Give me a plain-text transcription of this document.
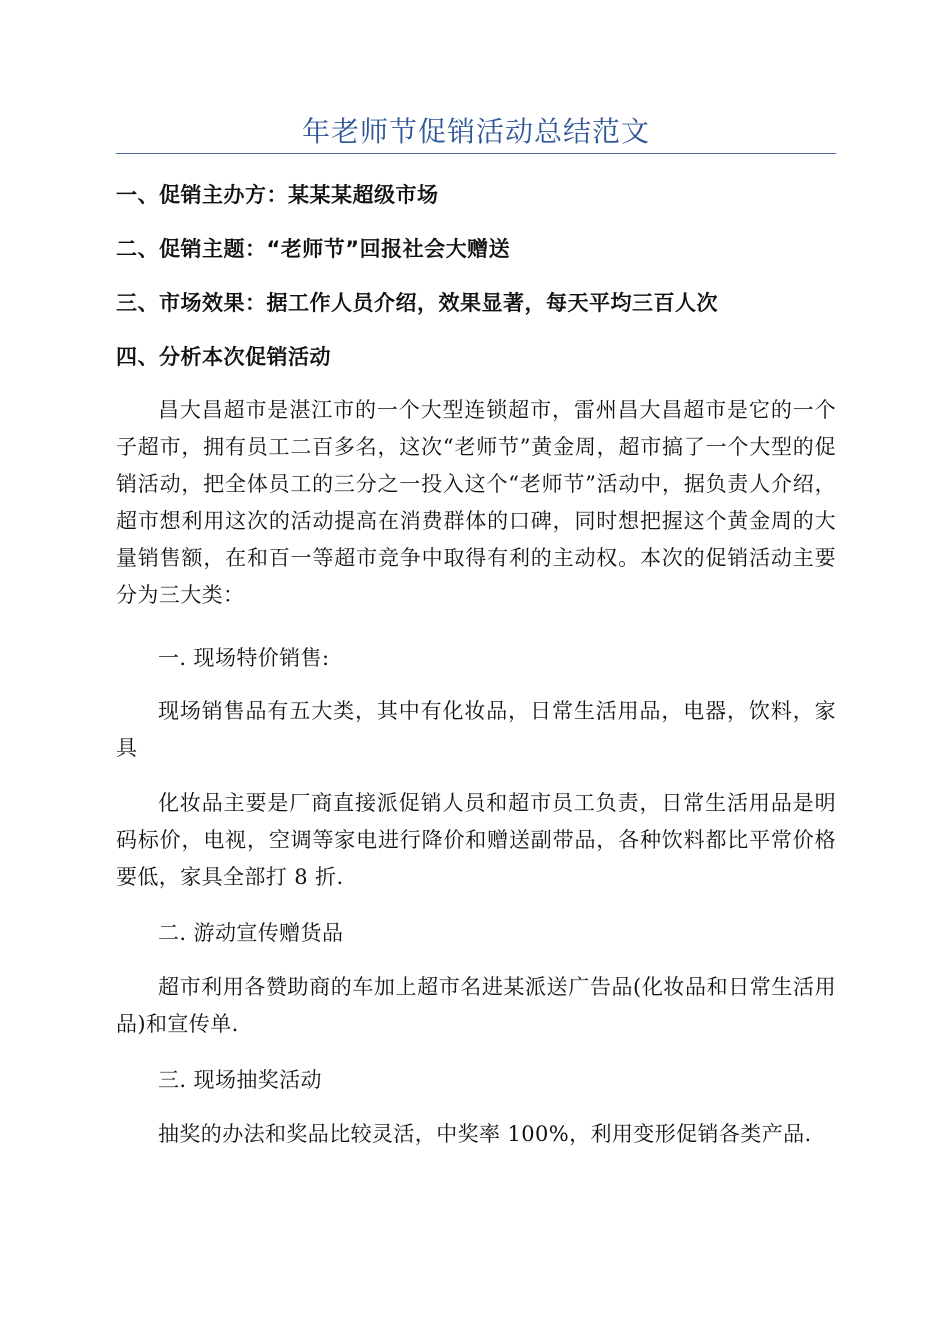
年老师节促销活动总结范文
一、促销主办方：某某某超级市场
二、促销主题：“老师节”回报社会大赠送
三、市场效果：据工作人员介绍，效果显著，每天平均三百人次
四、分析本次促销活动
昌大昌超市是湛江市的一个大型连锁超市，雷州昌大昌超市是它的一个子超市，拥有员工二百多名，这次“老师节”黄金周，超市搞了一个大型的促销活动，把全体员工的三分之一投入这个“老师节”活动中，据负责人介绍，超市想利用这次的活动提高在消费群体的口碑，同时想把握这个黄金周的大量销售额，在和百一等超市竞争中取得有利的主动权。本次的促销活动主要分为三大类：
一. 现场特价销售:
现场销售品有五大类，其中有化妆品，日常生活用品，电器，饮料，家具
化妆品主要是厂商直接派促销人员和超市员工负责，日常生活用品是明码标价，电视，空调等家电进行降价和赠送副带品，各种饮料都比平常价格要低，家具全部打 8 折.
二. 游动宣传赠货品
超市利用各赞助商的车加上超市名进某派送广告品(化妆品和日常生活用品)和宣传单.
三. 现场抽奖活动
抽奖的办法和奖品比较灵活，中奖率 100%，利用变形促销各类产品.
